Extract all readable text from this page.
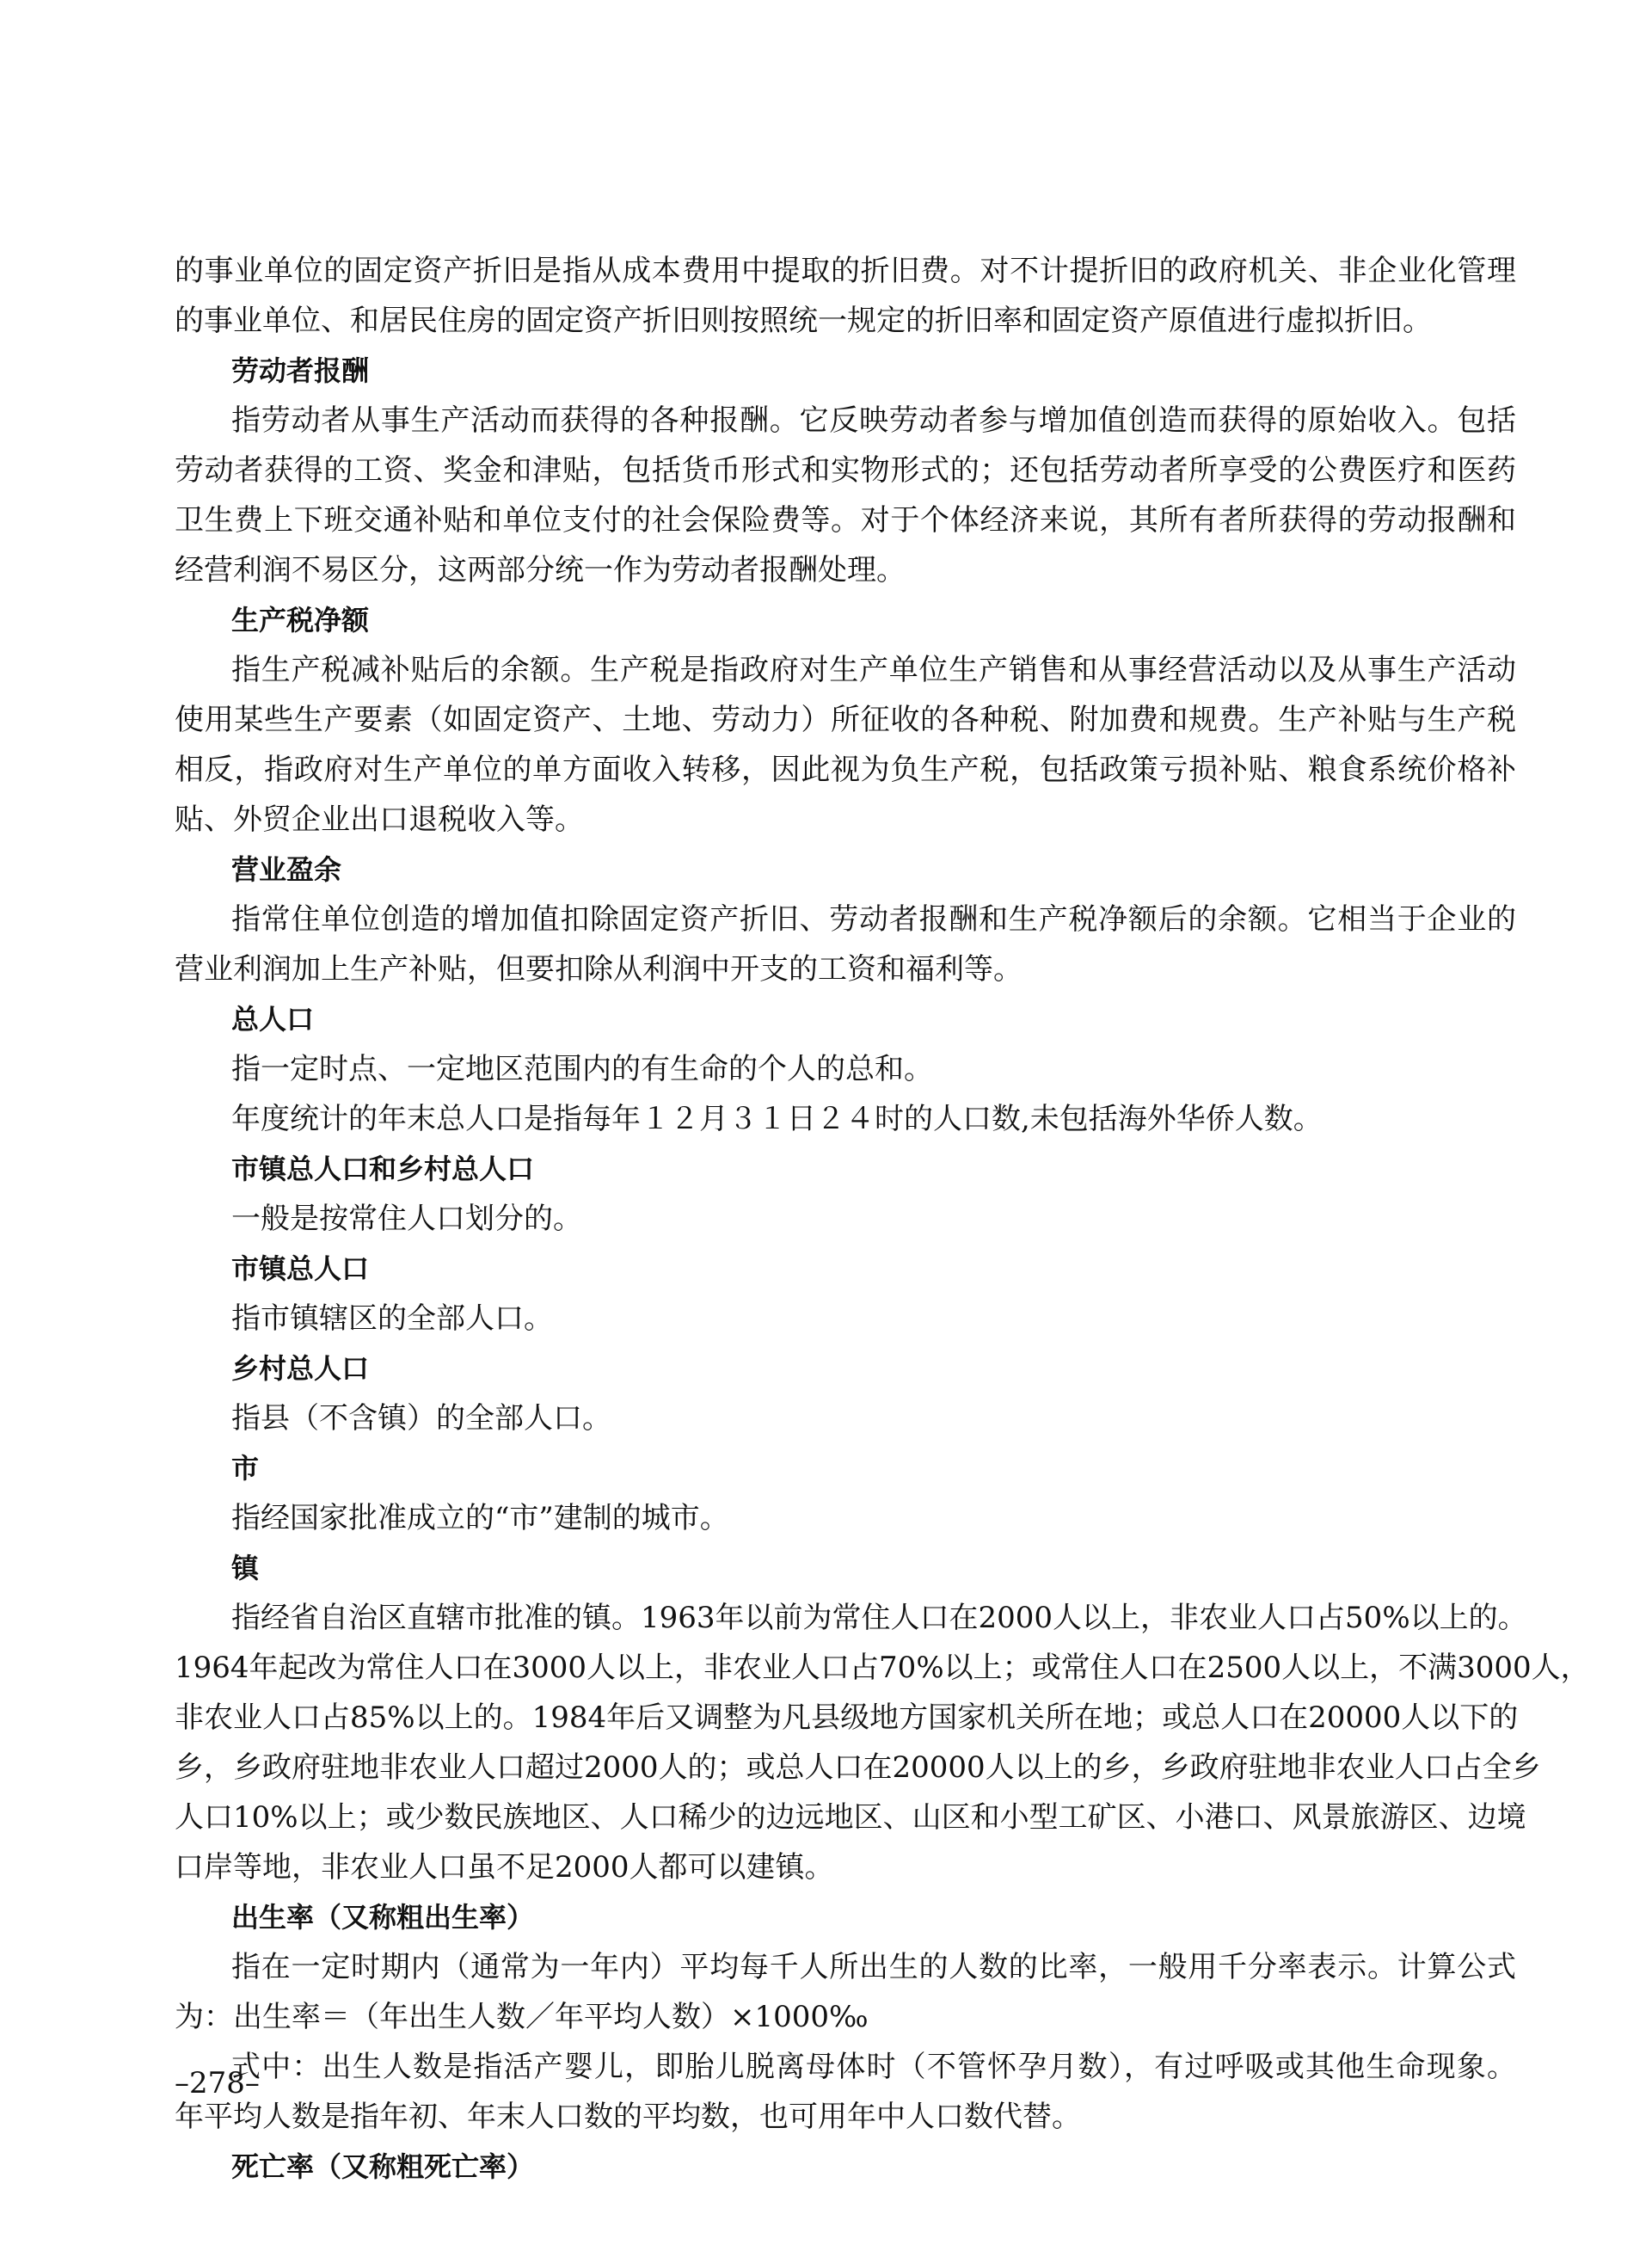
的事业单位的固定资产折旧是指从成本费用中提取的折旧费。对不计提折旧的政府机关、非企业化管理
的事业单位、和居民住房的固定资产折旧则按照统一规定的折旧率和固定资产原值进行虚拟折旧。
劳动者报酬
指劳动者从事生产活动而获得的各种报酬。它反映劳动者参与增加值创造而获得的原始收入。包括
劳动者获得的工资、奖金和津贴，包括货币形式和实物形式的；还包括劳动者所享受的公费医疗和医药
卫生费上下班交通补贴和单位支付的社会保险费等。对于个体经济来说，其所有者所获得的劳动报酬和
经营利润不易区分，这两部分统一作为劳动者报酬处理。
生产税净额
指生产税减补贴后的余额。生产税是指政府对生产单位生产销售和从事经营活动以及从事生产活动
使用某些生产要素（如固定资产、土地、劳动力）所征收的各种税、附加费和规费。生产补贴与生产税
相反，指政府对生产单位的单方面收入转移，因此视为负生产税，包括政策亏损补贴、粮食系统价格补
贴、外贸企业出口退税收入等。
营业盈余
指常住单位创造的增加值扣除固定资产折旧、劳动者报酬和生产税净额后的余额。它相当于企业的
营业利润加上生产补贴，但要扣除从利润中开支的工资和福利等。
总人口
指一定时点、一定地区范围内的有生命的个人的总和。
年度统计的年末总人口是指每年１２月３１日２４时的人口数,未包括海外华侨人数。
市镇总人口和乡村总人口
一般是按常住人口划分的。
市镇总人口
指市镇辖区的全部人口。
乡村总人口
指县（不含镇）的全部人口。
市
指经国家批准成立的“市”建制的城市。
镇
指经省自治区直辖市批准的镇。1963年以前为常住人口在2000人以上，非农业人口占50%以上的。
1964年起改为常住人口在3000人以上，非农业人口占70%以上；或常住人口在2500人以上，不满3000人，
非农业人口占85%以上的。1984年后又调整为凡县级地方国家机关所在地；或总人口在20000人以下的
乡，乡政府驻地非农业人口超过2000人的；或总人口在20000人以上的乡，乡政府驻地非农业人口占全乡
人口10%以上；或少数民族地区、人口稀少的边远地区、山区和小型工矿区、小港口、风景旅游区、边境
口岸等地，非农业人口虽不足2000人都可以建镇。
出生率（又称粗出生率）
指在一定时期内（通常为一年内）平均每千人所出生的人数的比率，一般用千分率表示。计算公式
为：出生率＝（年出生人数／年平均人数）×1000‰
式中：出生人数是指活产婴儿，即胎儿脱离母体时（不管怀孕月数），有过呼吸或其他生命现象。
年平均人数是指年初、年末人口数的平均数，也可用年中人口数代替。
死亡率（又称粗死亡率）
–278–
